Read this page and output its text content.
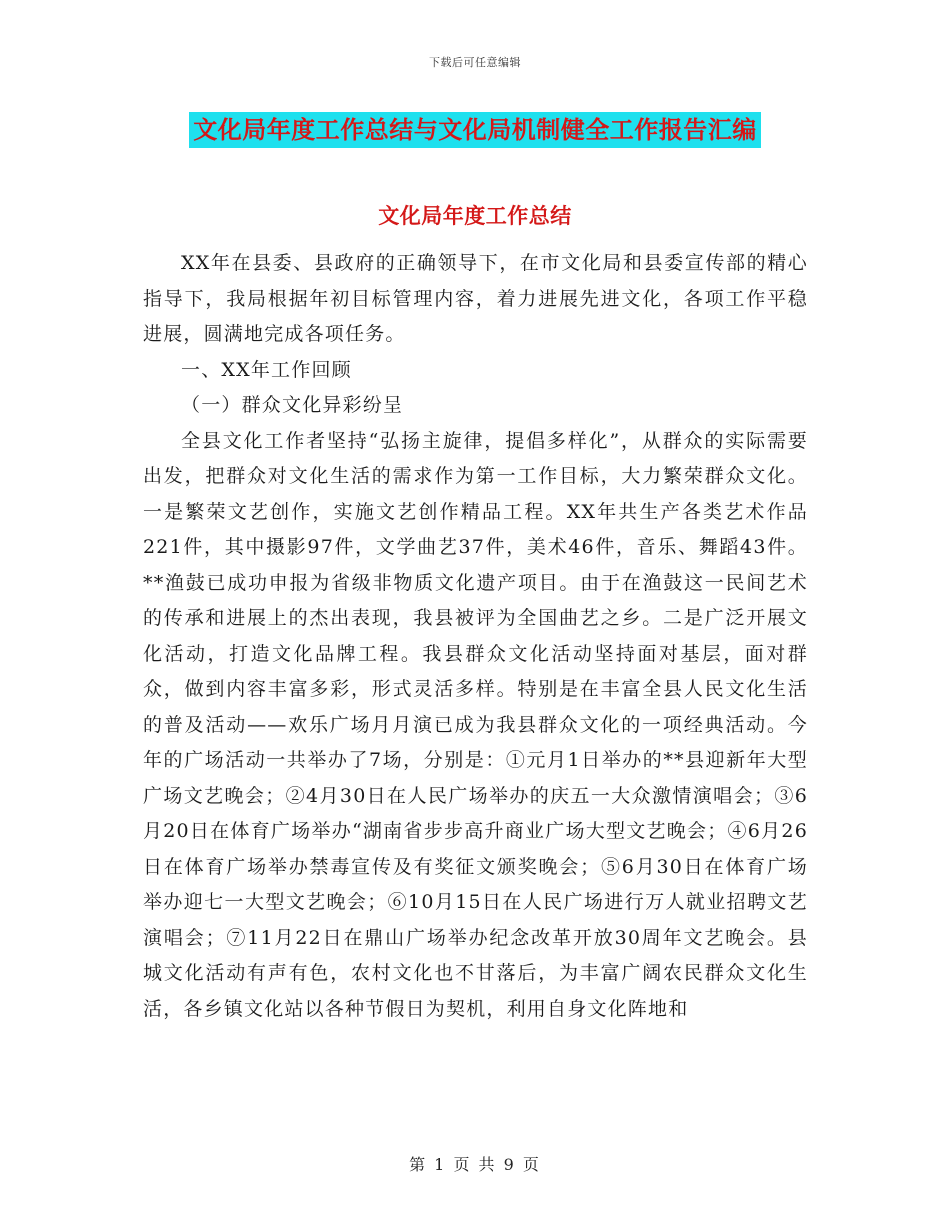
下载后可任意编辑
文化局年度工作总结与文化局机制健全工作报告汇编
文化局年度工作总结

XX年在县委、县政府的正确领导下，在市文化局和县委宣传部的精心指导下，我局根据年初目标管理内容，着力进展先进文化，各项工作平稳进展，圆满地完成各项任务。

一、XX年工作回顾

（一）群众文化异彩纷呈

全县文化工作者坚持“弘扬主旋律，提倡多样化”，从群众的实际需要出发，把群众对文化生活的需求作为第一工作目标，大力繁荣群众文化。一是繁荣文艺创作，实施文艺创作精品工程。XX年共生产各类艺术作品221件，其中摄影97件，文学曲艺37件，美术46件，音乐、舞蹈43件。**渔鼓已成功申报为省级非物质文化遗产项目。由于在渔鼓这一民间艺术的传承和进展上的杰出表现，我县被评为全国曲艺之乡。二是广泛开展文化活动，打造文化品牌工程。我县群众文化活动坚持面对基层，面对群众，做到内容丰富多彩，形式灵活多样。特别是在丰富全县人民文化生活的普及活动——欢乐广场月月演已成为我县群众文化的一项经典活动。今年的广场活动一共举办了7场，分别是：①元月1日举办的**县迎新年大型广场文艺晚会；②4月30日在人民广场举办的庆五一大众激情演唱会；③6月20日在体育广场举办“湖南省步步高升商业广场大型文艺晚会；④6月26日在体育广场举办禁毒宣传及有奖征文颁奖晚会；⑤6月30日在体育广场举办迎七一大型文艺晚会；⑥10月15日在人民广场进行万人就业招聘文艺演唱会；⑦11月22日在鼎山广场举办纪念改革开放30周年文艺晚会。县城文化活动有声有色，农村文化也不甘落后，为丰富广阔农民群众文化生活，各乡镇文化站以各种节假日为契机，利用自身文化阵地和

第 1 页 共 9 页
